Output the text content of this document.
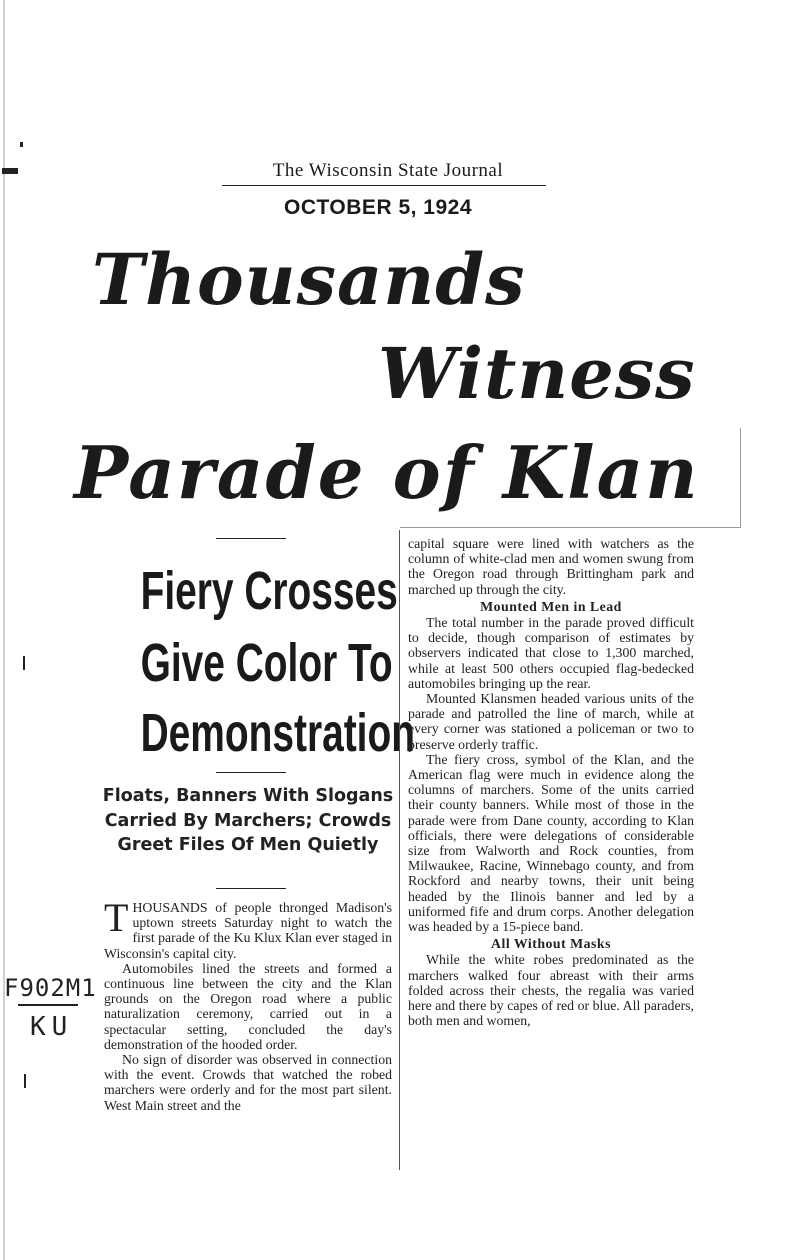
The Wisconsin State Journal
OCTOBER 5, 1924
Thousands
Witness
Parade of Klan
Fiery Crosses
Give Color To
Demonstration
Floats, Banners With Slogans Carried By Marchers; Crowds Greet Files Of Men Quietly

THOUSANDS of people thronged Madison's uptown streets Saturday night to watch the first parade of the Ku Klux Klan ever staged in Wisconsin's capital city.

Automobiles lined the streets and formed a continuous line between the city and the Klan grounds on the Oregon road where a public naturalization ceremony, carried out in a spectacular setting, concluded the day's demonstration of the hooded order.

No sign of disorder was observed in connection with the event. Crowds that watched the robed marchers were orderly and for the most part silent. West Main street and the

capital square were lined with watchers as the column of white-clad men and women swung from the Oregon road through Brittingham park and marched up through the city.

Mounted Men in Lead

The total number in the parade proved difficult to decide, though comparison of estimates by observers indicated that close to 1,300 marched, while at least 500 others occupied flag-bedecked automobiles bringing up the rear.

Mounted Klansmen headed various units of the parade and patrolled the line of march, while at every corner was stationed a policeman or two to preserve orderly traffic.

The fiery cross, symbol of the Klan, and the American flag were much in evidence along the columns of marchers. Some of the units carried their county banners. While most of those in the parade were from Dane county, according to Klan officials, there were delegations of considerable size from Walworth and Rock counties, from Milwaukee, Racine, Winnebago county, and from Rockford and nearby towns, their unit being headed by the Ilinois banner and led by a uniformed fife and drum corps. Another delegation was headed by a 15-piece band.

All Without Masks

While the white robes predominated as the marchers walked four abreast with their arms folded across their chests, the regalia was varied here and there by capes of red or blue. All paraders, both men and women,

F902M1
KU
